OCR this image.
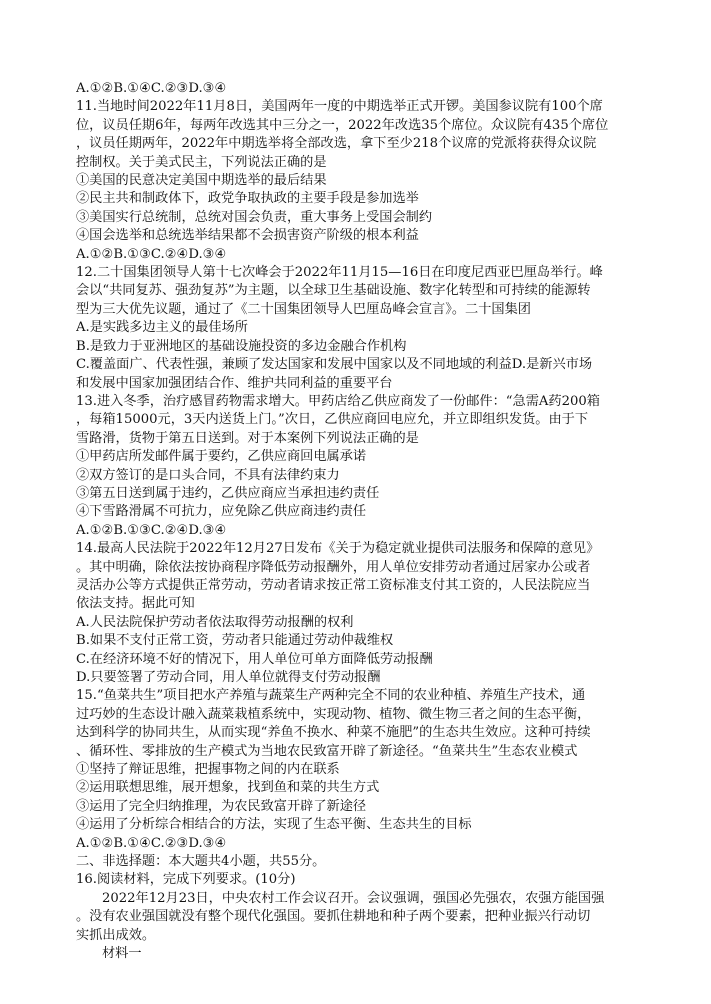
A.①②B.①④C.②③D.③④
11.当地时间2022年11月8日，美国两年一度的中期选举正式开锣。美国参议院有100个席
位，议员任期6年，每两年改选其中三分之一，2022年改选35个席位。众议院有435个席位
，议员任期两年，2022年中期选举将全部改选，拿下至少218个议席的党派将获得众议院
控制权。关于美式民主，下列说法正确的是
①美国的民意决定美国中期选举的最后结果
②民主共和制政体下，政党争取执政的主要手段是参加选举
③美国实行总统制，总统对国会负责，重大事务上受国会制约
④国会选举和总统选举结果都不会损害资产阶级的根本利益
A.①②B.①③C.②④D.③④
12.二十国集团领导人第十七次峰会于2022年11月15—16日在印度尼西亚巴厘岛举行。峰
会以“共同复苏、强劲复苏”为主题，以全球卫生基础设施、数字化转型和可持续的能源转
型为三大优先议题，通过了《二十国集团领导人巴厘岛峰会宣言》。二十国集团
A.是实践多边主义的最佳场所
B.是致力于亚洲地区的基础设施投资的多边金融合作机构
C.覆盖面广、代表性强，兼顾了发达国家和发展中国家以及不同地域的利益D.是新兴市场
和发展中国家加强团结合作、维护共同利益的重要平台
13.进入冬季，治疗感冒药物需求增大。甲药店给乙供应商发了一份邮件：“急需A药200箱
，每箱15000元，3天内送货上门。”次日，乙供应商回电应允，并立即组织发货。由于下
雪路滑，货物于第五日送到。对于本案例下列说法正确的是
①甲药店所发邮件属于要约，乙供应商回电属承诺
②双方签订的是口头合同，不具有法律约束力
③第五日送到属于违约，乙供应商应当承担违约责任
④下雪路滑属不可抗力，应免除乙供应商违约责任
A.①②B.①③C.②④D.③④
14.最高人民法院于2022年12月27日发布《关于为稳定就业提供司法服务和保障的意见》
。其中明确，除依法按协商程序降低劳动报酬外，用人单位安排劳动者通过居家办公或者
灵活办公等方式提供正常劳动，劳动者请求按正常工资标准支付其工资的，人民法院应当
依法支持。据此可知
A.人民法院保护劳动者依法取得劳动报酬的权利
B.如果不支付正常工资，劳动者只能通过劳动仲裁维权
C.在经济环境不好的情况下，用人单位可单方面降低劳动报酬
D.只要签署了劳动合同，用人单位就得支付劳动报酬
15.“鱼菜共生”项目把水产养殖与蔬菜生产两种完全不同的农业种植、养殖生产技术，通
过巧妙的生态设计融入蔬菜栽植系统中，实现动物、植物、微生物三者之间的生态平衡，
达到科学的协同共生，从而实现“养鱼不换水、种菜不施肥”的生态共生效应。这种可持续
、循环性、零排放的生产模式为当地农民致富开辟了新途径。“鱼菜共生”生态农业模式
①坚持了辩证思维，把握事物之间的内在联系
②运用联想思维，展开想象，找到鱼和菜的共生方式
③运用了完全归纳推理，为农民致富开辟了新途径
④运用了分析综合相结合的方法，实现了生态平衡、生态共生的目标
A.①②B.①④C.②③D.③④
二、非选择题：本大题共4小题，共55分。
16.阅读材料，完成下列要求。(10分)
2022年12月23日，中央农村工作会议召开。会议强调，强国必先强农，农强方能国强
。没有农业强国就没有整个现代化强国。要抓住耕地和种子两个要素，把种业振兴行动切
实抓出成效。
材料一
